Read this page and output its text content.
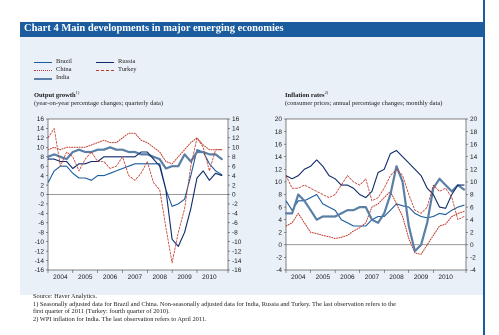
Chart 4 Main developments in major emerging economies
Brazil
China
India
Russia
Turkey
Output growth$^{1)}$
(year-on-year percentage changes; quarterly data)
Inflation rates$^{2)}$
(consumer prices; annual percentage changes; monthly data)
-16	-16
-14	-14
-12	-12
-10	-10
-8	-8
-6	-6
-4	-4
-2	-2
0	0
2	2
4	4
6	6
8	8
10	10
12	12
14	14
16	16
2004 2005 2006 2007 2008 2009 2010
-4	-4
-2	-2
0	0
2	2
4	4
6	6
8	8
10	10
12	12
14	14
16	16
18	18
20	20
2004 2005 2006 2007 2008 2009 2010
Source: Haver Analytics.
1) Seasonally adjusted data for Brazil and China. Non-seasonally adjusted data for India, Russia and Turkey. The last observation refers to the
first quarter of 2011 (Turkey: fourth quarter of 2010).
2) WPI inflation for India. The last observation refers to April 2011.
